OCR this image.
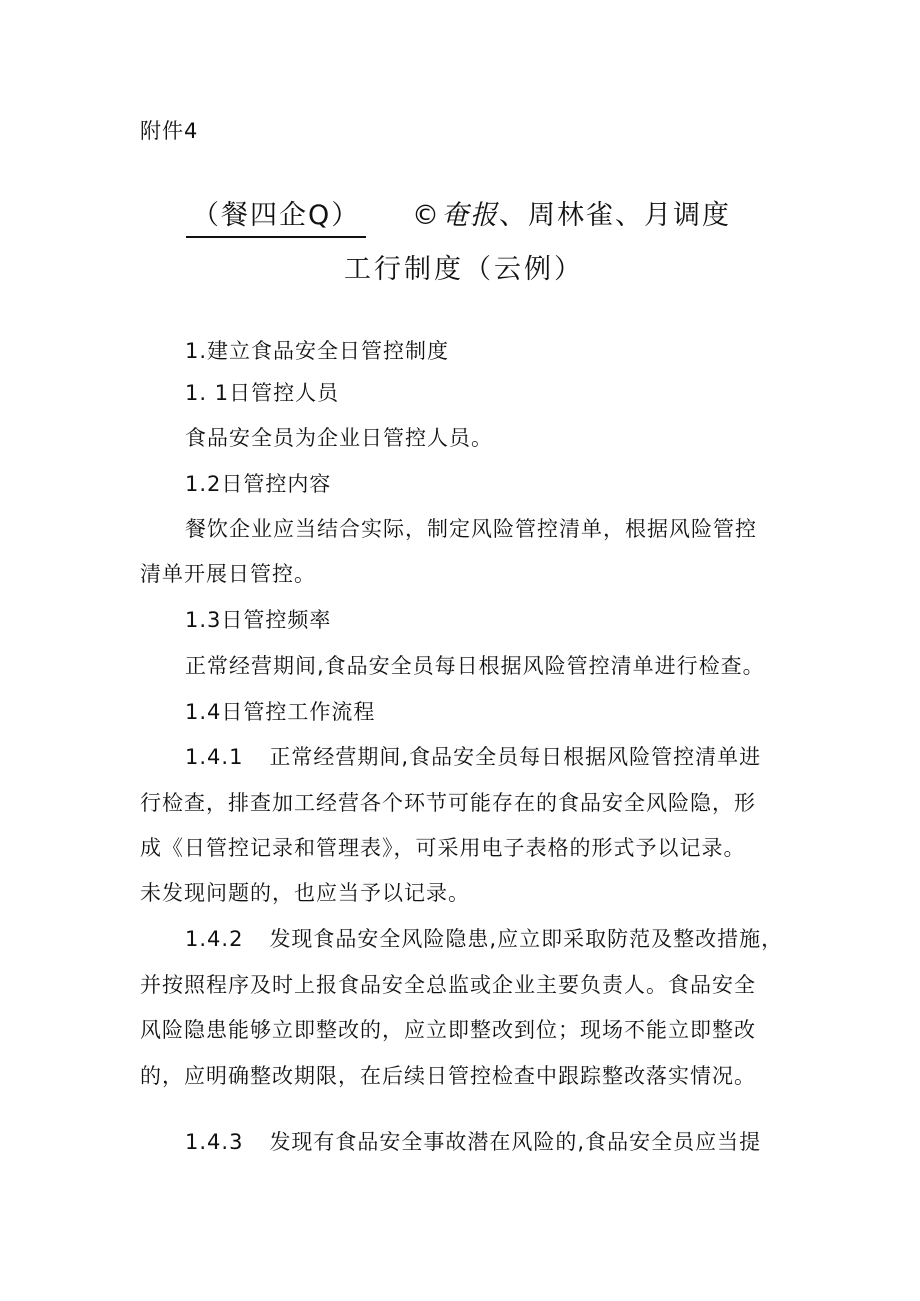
附件4
（餐四企Q） ©奄报、周林雀、月调度
工行制度（云例）
1.建立食品安全日管控制度
1. 1日管控人员
食品安全员为企业日管控人员。
1.2日管控内容
餐饮企业应当结合实际，制定风险管控清单，根据风险管控
清单开展日管控。
1.3日管控频率
正常经营期间,食品安全员每日根据风险管控清单进行检查。
1.4日管控工作流程
1.4.1 正常经营期间,食品安全员每日根据风险管控清单进
行检查，排查加工经营各个环节可能存在的食品安全风险隐，形
成《日管控记录和管理表》，可采用电子表格的形式予以记录。
未发现问题的，也应当予以记录。
1.4.2 发现食品安全风险隐患,应立即采取防范及整改措施，
并按照程序及时上报食品安全总监或企业主要负责人。食品安全
风险隐患能够立即整改的，应立即整改到位；现场不能立即整改
的，应明确整改期限，在后续日管控检查中跟踪整改落实情况。
1.4.3 发现有食品安全事故潜在风险的,食品安全员应当提
